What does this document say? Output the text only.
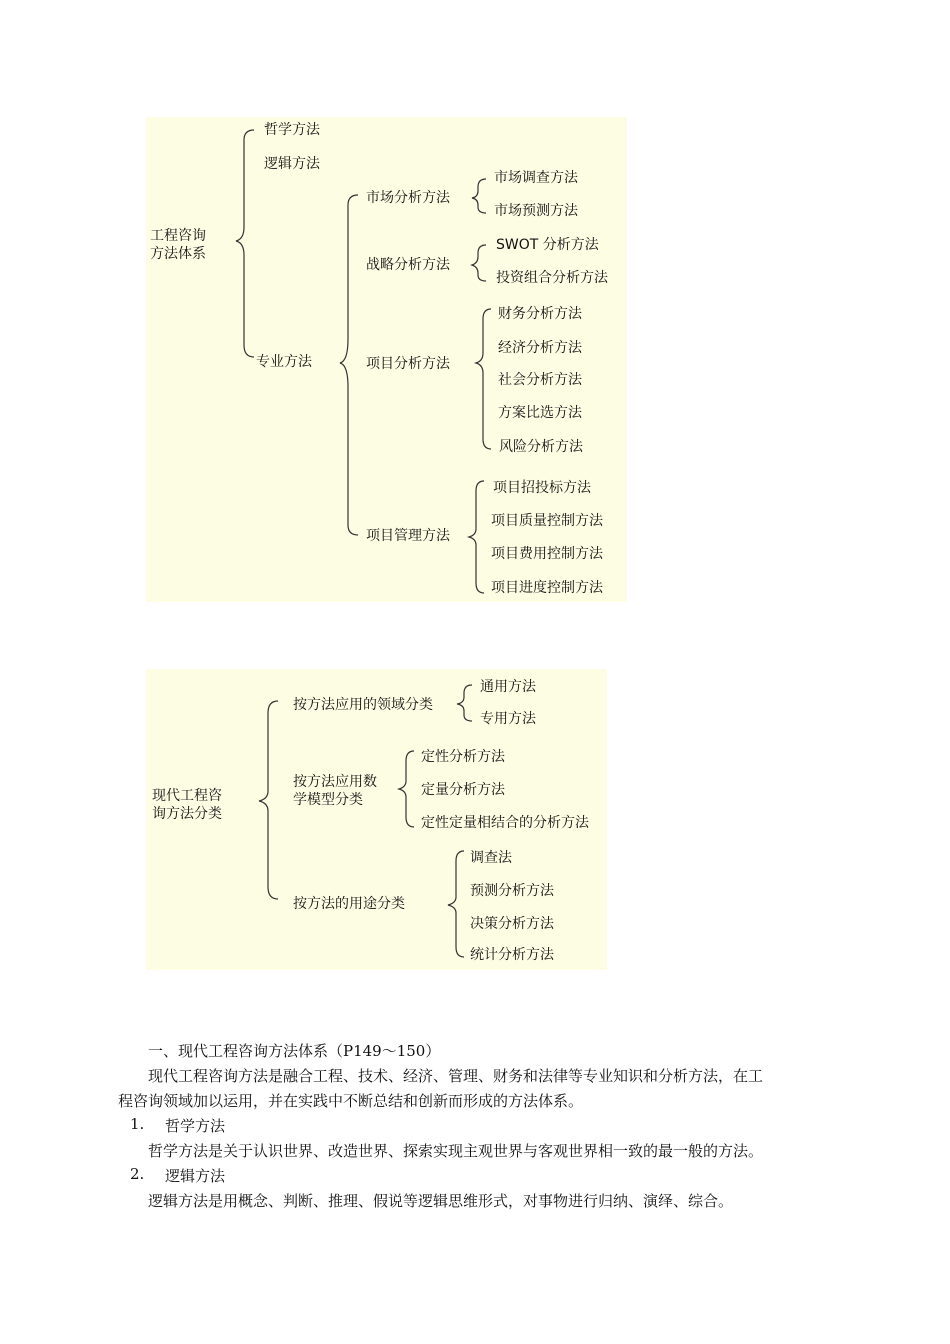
工程咨询
方法体系
哲学方法
逻辑方法
专业方法
市场分析方法
市场调查方法
市场预测方法
战略分析方法
SWOT 分析方法
投资组合分析方法
项目分析方法
财务分析方法
经济分析方法
社会分析方法
方案比选方法
风险分析方法
项目管理方法
项目招投标方法
项目质量控制方法
项目费用控制方法
项目进度控制方法
现代工程咨
询方法分类
按方法应用的领域分类
通用方法
专用方法
按方法应用数
学模型分类
定性分析方法
定量分析方法
定性定量相结合的分析方法
按方法的用途分类
调查法
预测分析方法
决策分析方法
统计分析方法
一、现代工程咨询方法体系（P149～150）
现代工程咨询方法是融合工程、技术、经济、管理、财务和法律等专业知识和分析方法，在工
程咨询领域加以运用，并在实践中不断总结和创新而形成的方法体系。
1. 哲学方法
哲学方法是关于认识世界、改造世界、探索实现主观世界与客观世界相一致的最一般的方法。
2. 逻辑方法
逻辑方法是用概念、判断、推理、假说等逻辑思维形式，对事物进行归纳、演绎、综合。
